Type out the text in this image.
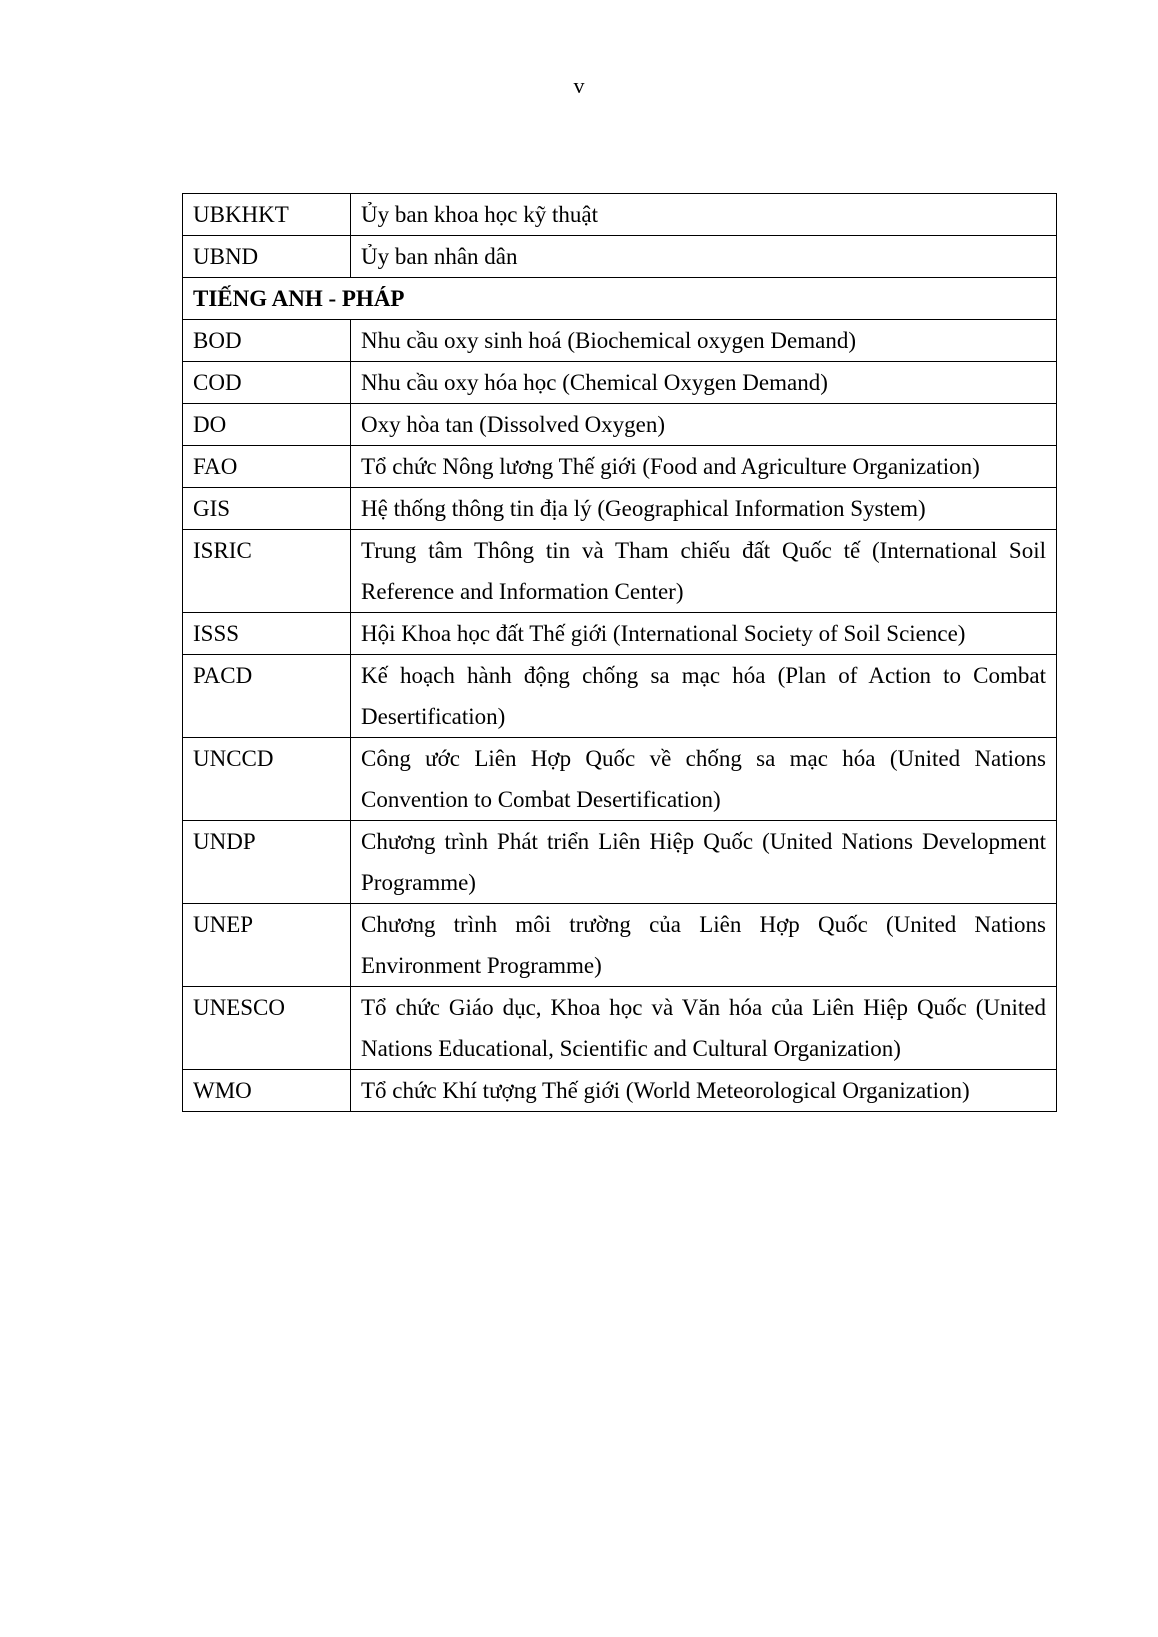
v
UBKHKT	Ủy ban khoa học kỹ thuật
UBND	Ủy ban nhân dân
TIẾNG ANH - PHÁP	
BOD	Nhu cầu oxy sinh hoá (Biochemical oxygen Demand)
COD	Nhu cầu oxy hóa học (Chemical Oxygen Demand)
DO	Oxy hòa tan (Dissolved Oxygen)
FAO	Tổ chức Nông lương Thế giới (Food and Agriculture Organization)
GIS	Hệ thống thông tin địa lý (Geographical Information System)
ISRIC	Trung tâm Thông tin và Tham chiếu đất Quốc tế (International Soil Reference and Information Center)
ISSS	Hội Khoa học đất Thế giới (International Society of Soil Science)
PACD	Kế hoạch hành động chống sa mạc hóa (Plan of Action to Combat Desertification)
UNCCD	Công ước Liên Hợp Quốc về chống sa mạc hóa (United Nations Convention to Combat Desertification)
UNDP	Chương trình Phát triển Liên Hiệp Quốc (United Nations Development Programme)
UNEP	Chương trình môi trường của Liên Hợp Quốc (United Nations Environment Programme)
UNESCO	Tổ chức Giáo dục, Khoa học và Văn hóa của Liên Hiệp Quốc (United Nations Educational, Scientific and Cultural Organization)
WMO	Tổ chức Khí tượng Thế giới (World Meteorological Organization)
